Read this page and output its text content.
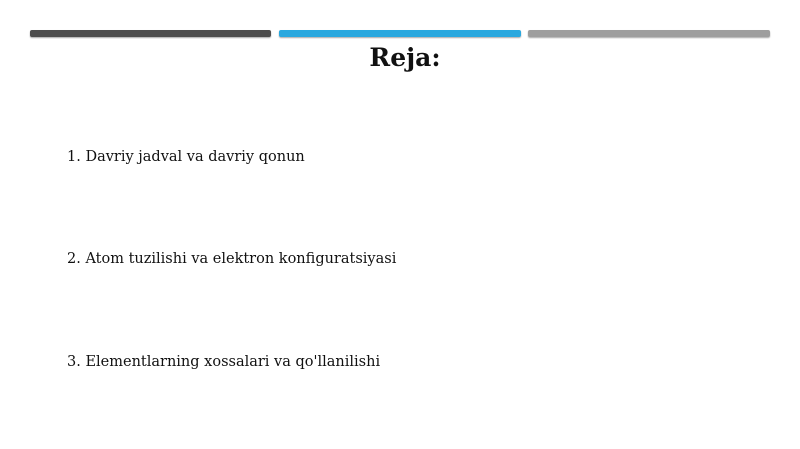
Reja:
1. Davriy jadval va davriy qonun
2. Atom tuzilishi va elektron konfiguratsiyasi
3. Elementlarning xossalari va qo'llanilishi
